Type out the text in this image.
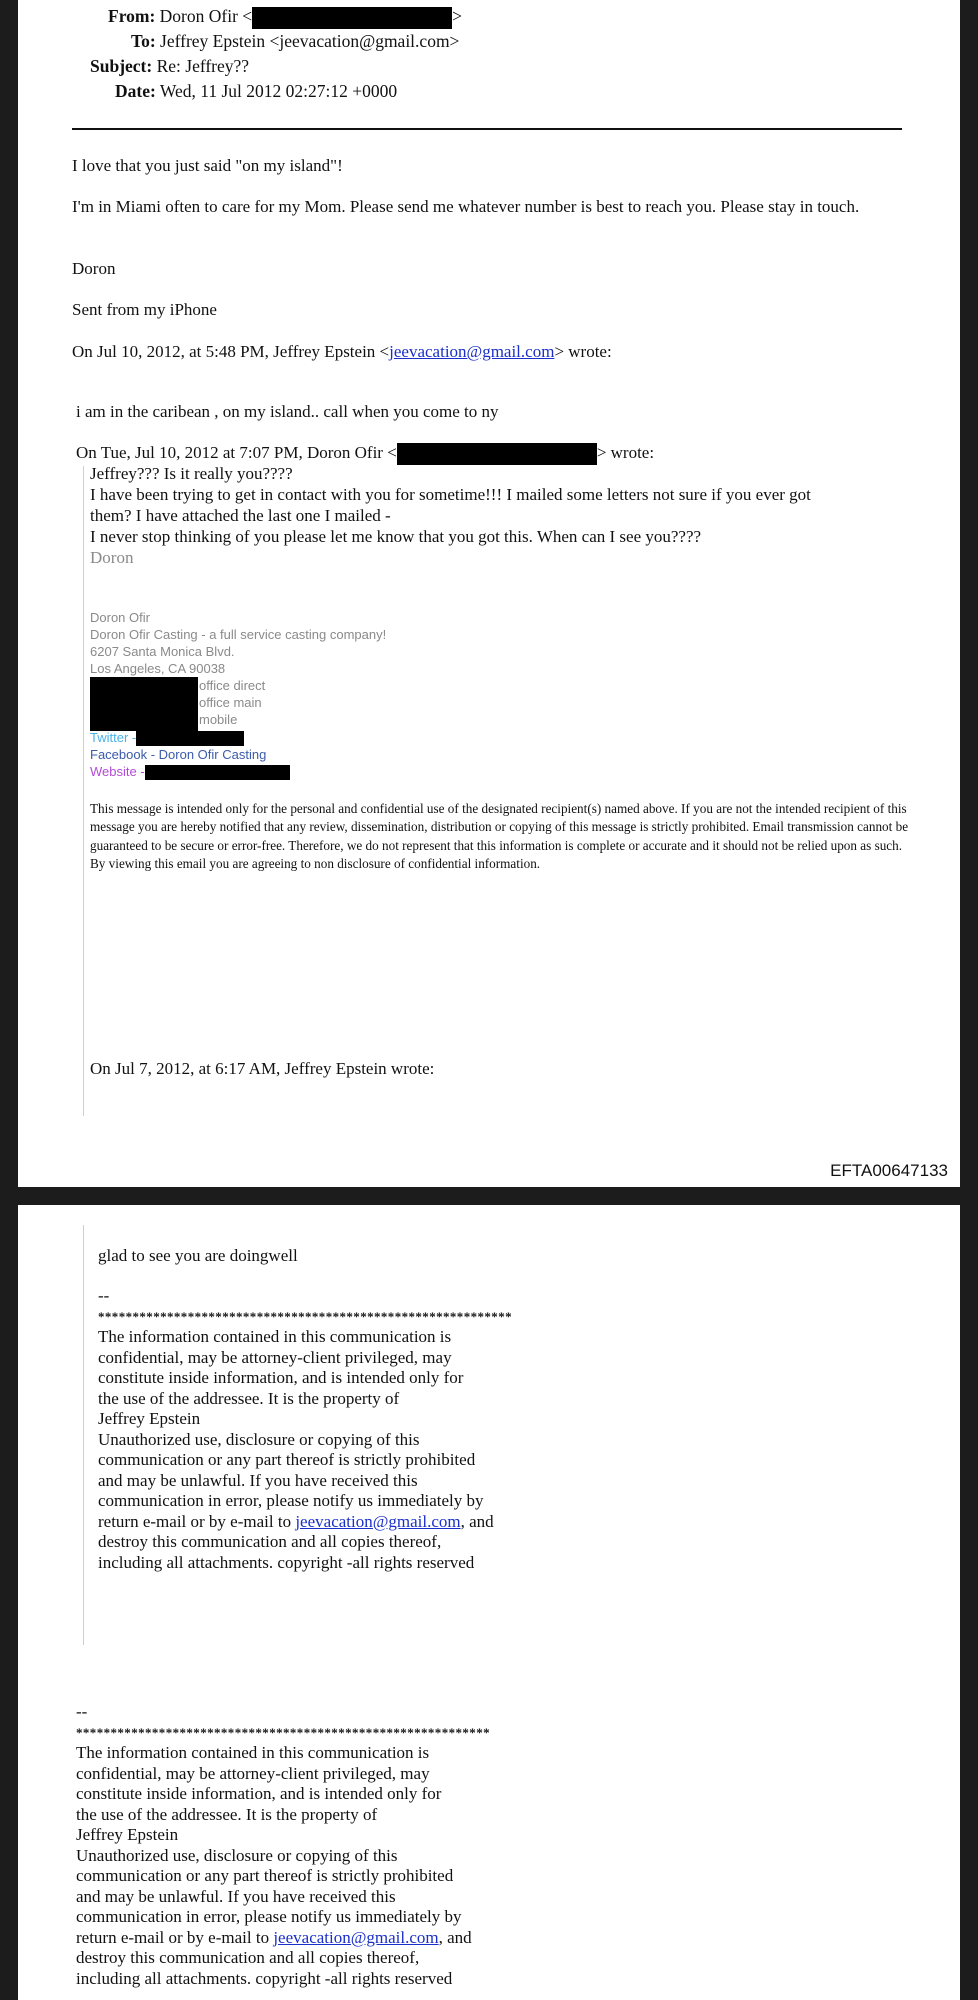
From: Doron Ofir <	>
To: Jeffrey Epstein <jeevacation@gmail.com>
Subject: Re: Jeffrey??
Date: Wed, 11 Jul 2012 02:27:12 +0000
I love that you just said "on my island"!
I'm in Miami often to care for my Mom. Please send me whatever number is best to reach you. Please stay in touch.
Doron
Sent from my iPhone
On Jul 10, 2012, at 5:48 PM, Jeffrey Epstein <jeevacation@gmail.com> wrote:
i am in the caribean , on my island.. call when you come to ny
On Tue, Jul 10, 2012 at 7:07 PM, Doron Ofir <	> wrote:
Jeffrey??? Is it really you????
I have been trying to get in contact with you for sometime!!! I mailed some letters not sure if you ever got
them? I have attached the last one I mailed -
I never stop thinking of you please let me know that you got this. When can I see you????
Doron
Doron Ofir
Doron Ofir Casting - a full service casting company!
6207 Santa Monica Blvd.
Los Angeles, CA 90038
office direct
office main
mobile
Twitter -
Facebook - Doron Ofir Casting
Website -
This message is intended only for the personal and confidential use of the designated recipient(s) named above. If you are not the intended recipient of this message you are hereby notified that any review, dissemination, distribution or copying of this message is strictly prohibited. Email transmission cannot be guaranteed to be secure or error-free. Therefore, we do not represent that this information is complete or accurate and it should not be relied upon as such. By viewing this email you are agreeing to non disclosure of confidential information.
On Jul 7, 2012, at 6:17 AM, Jeffrey Epstein wrote:
EFTA00647133
glad to see you are doingwell
--
************************************************************
The information contained in this communication is
confidential, may be attorney-client privileged, may
constitute inside information, and is intended only for
the use of the addressee. It is the property of
Jeffrey Epstein
Unauthorized use, disclosure or copying of this
communication or any part thereof is strictly prohibited
and may be unlawful. If you have received this
communication in error, please notify us immediately by
return e-mail or by e-mail to jeevacation@gmail.com, and
destroy this communication and all copies thereof,
including all attachments. copyright -all rights reserved
--
************************************************************
The information contained in this communication is
confidential, may be attorney-client privileged, may
constitute inside information, and is intended only for
the use of the addressee. It is the property of
Jeffrey Epstein
Unauthorized use, disclosure or copying of this
communication or any part thereof is strictly prohibited
and may be unlawful. If you have received this
communication in error, please notify us immediately by
return e-mail or by e-mail to jeevacation@gmail.com, and
destroy this communication and all copies thereof,
including all attachments. copyright -all rights reserved
